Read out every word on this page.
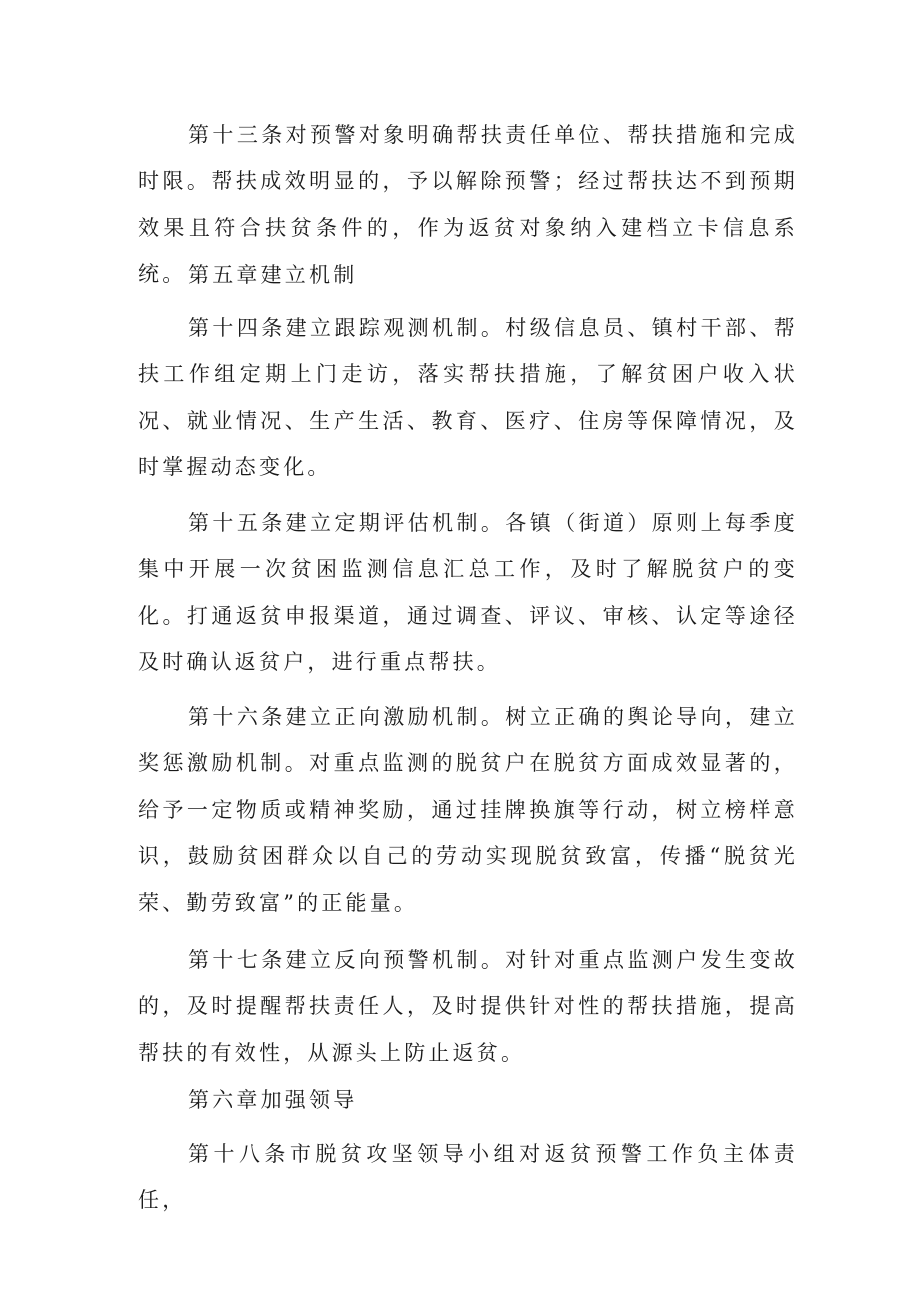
第十三条对预警对象明确帮扶责任单位、帮扶措施和完成时限。帮扶成效明显的，予以解除预警；经过帮扶达不到预期效果且符合扶贫条件的，作为返贫对象纳入建档立卡信息系统。 第五章建立机制

第十四条建立跟踪观测机制。村级信息员、镇村干部、帮扶工作组定期上门走访，落实帮扶措施，了解贫困户收入状况、就业情况、生产生活、教育、医疗、住房等保障情况，及时掌握动态变化。

第十五条建立定期评估机制。各镇（街道）原则上每季度集中开展一次贫困监测信息汇总工作，及时了解脱贫户的变化。打通返贫申报渠道，通过调查、评议、审核、认定等途径及时确认返贫户，进行重点帮扶。

第十六条建立正向激励机制。树立正确的舆论导向，建立奖惩激励机制。对重点监测的脱贫户在脱贫方面成效显著的，给予一定物质或精神奖励，通过挂牌换旗等行动，树立榜样意识，鼓励贫困群众以自己的劳动实现脱贫致富，传播“脱贫光荣、勤劳致富”的正能量。

第十七条建立反向预警机制。对针对重点监测户发生变故的，及时提醒帮扶责任人，及时提供针对性的帮扶措施，提高帮扶的有效性，从源头上防止返贫。

第六章加强领导

第十八条市脱贫攻坚领导小组对返贫预警工作负主体责任，
